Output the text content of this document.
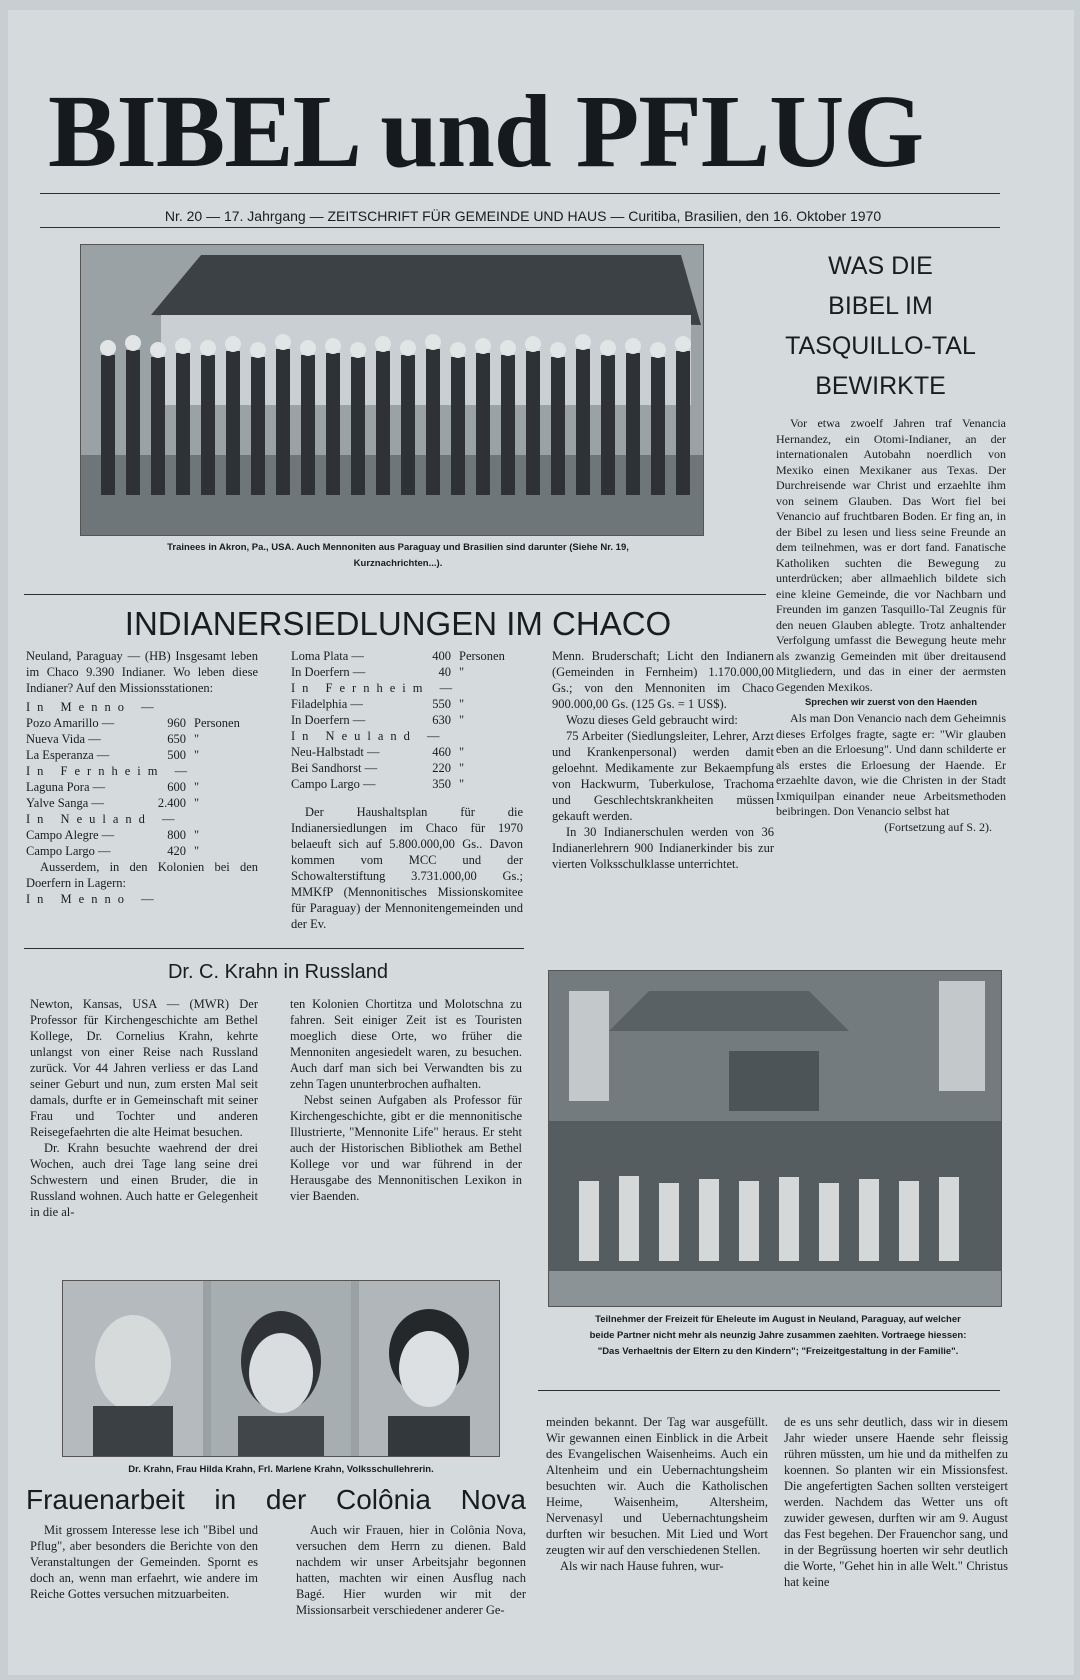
BIBEL und PFLUG
Nr. 20 — 17. Jahrgang — ZEITSCHRIFT FÜR GEMEINDE UND HAUS — Curitiba, Brasilien, den 16. Oktober 1970
Trainees in Akron, Pa., USA. Auch Mennoniten aus Paraguay und Brasilien sind darunter (Siehe Nr. 19, Kurznachrichten...).
WAS DIE
BIBEL IM
TASQUILLO-TAL
BEWIRKTE

Vor etwa zwoelf Jahren traf Venancia Hernandez, ein Otomi-Indianer, an der internationalen Autobahn noerdlich von Mexiko einen Mexikaner aus Texas. Der Durchreisende war Christ und erzaehlte ihm von seinem Glauben. Das Wort fiel bei Venancio auf fruchtbaren Boden. Er fing an, in der Bibel zu lesen und liess seine Freunde an dem teilnehmen, was er dort fand. Fanatische Katholiken suchten die Bewegung zu unterdrücken; aber allmaehlich bildete sich eine kleine Gemeinde, die vor Nachbarn und Freunden im ganzen Tasquillo-Tal Zeugnis für den neuen Glauben ablegte. Trotz anhaltender Verfolgung umfasst die Bewegung heute mehr als zwanzig Gemeinden mit über dreitausend Mitgliedern, und das in einer der aermsten Gegenden Mexikos.

Sprechen wir zuerst von den Haenden

Als man Don Venancio nach dem Geheimnis dieses Erfolges fragte, sagte er: "Wir glauben eben an die Erloesung". Und dann schilderte er als erstes die Erloesung der Haende. Er erzaehlte davon, wie die Christen in der Stadt Ixmiquilpan einander neue Arbeitsmethoden beibringen. Don Venancio selbst hat

(Fortsetzung auf S. 2).
INDIANERSIEDLUNGEN IM CHACO

Neuland, Paraguay — (HB) Insgesamt leben im Chaco 9.390 Indianer. Wo leben diese Indianer? Auf den Missionsstationen:

In Menno —		
Pozo Amarillo —	960	Personen
Nueva Vida —	650	"
La Esperanza —	500	"
In Fernheim —		
Laguna Pora —	600	"
Yalve Sanga —	2.400	"
In Neuland —		
Campo Alegre —	800	"
Campo Largo —	420	"

Ausserdem, in den Kolonien bei den Doerfern in Lagern:

In Menno —
Loma Plata —	400	Personen
In Doerfern —	40	"
In Fernheim —		
Filadelphia —	550	"
In Doerfern —	630	"
In Neuland —		
Neu-Halbstadt —	460	"
Bei Sandhorst —	220	"
Campo Largo —	350	"

Der Haushaltsplan für die Indianersiedlungen im Chaco für 1970 belaeuft sich auf 5.800.000,00 Gs.. Davon kommen vom MCC und der Schowalterstiftung 3.731.000,00 Gs.; MMKfP (Mennonitisches Missionskomitee für Paraguay) der Mennonitengemeinden und der Ev.

Menn. Bruderschaft; Licht den Indianern (Gemeinden in Fernheim) 1.170.000,00 Gs.; von den Mennoniten im Chaco 900.000,00 Gs. (125 Gs. = 1 US$).

Wozu dieses Geld gebraucht wird:

75 Arbeiter (Siedlungsleiter, Lehrer, Arzt und Krankenpersonal) werden damit geloehnt. Medikamente zur Bekaempfung von Hackwurm, Tuberkulose, Trachoma und Geschlechtskrankheiten müssen gekauft werden.

In 30 Indianerschulen werden von 36 Indianerlehrern 900 Indianerkinder bis zur vierten Volksschulklasse unterrichtet.

Dr. C. Krahn in Russland

Newton, Kansas, USA — (MWR) Der Professor für Kirchengeschichte am Bethel Kollege, Dr. Cornelius Krahn, kehrte unlangst von einer Reise nach Russland zurück. Vor 44 Jahren verliess er das Land seiner Geburt und nun, zum ersten Mal seit damals, durfte er in Gemeinschaft mit seiner Frau und Tochter und anderen Reisegefaehrten die alte Heimat besuchen.

Dr. Krahn besuchte waehrend der drei Wochen, auch drei Tage lang seine drei Schwestern und einen Bruder, die in Russland wohnen. Auch hatte er Gelegenheit in die al-

ten Kolonien Chortitza und Molotschna zu fahren. Seit einiger Zeit ist es Touristen moeglich diese Orte, wo früher die Mennoniten angesiedelt waren, zu besuchen. Auch darf man sich bei Verwandten bis zu zehn Tagen ununterbrochen aufhalten.

Nebst seinen Aufgaben als Professor für Kirchengeschichte, gibt er die mennonitische Illustrierte, "Mennonite Life" heraus. Er steht auch der Historischen Bibliothek am Bethel Kollege vor und war führend in der Herausgabe des Mennonitischen Lexikon in vier Baenden.

Dr. Krahn, Frau Hilda Krahn, Frl. Marlene Krahn, Volksschullehrerin.
Teilnehmer der Freizeit für Eheleute im August in Neuland, Paraguay, auf welcher beide Partner nicht mehr als neunzig Jahre zusammen zaehlten. Vortraege hiessen: "Das Verhaeltnis der Eltern zu den Kindern"; "Freizeitgestaltung in der Familie".
Frauenarbeit in der Colônia Nova

Mit grossem Interesse lese ich "Bibel und Pflug", aber besonders die Berichte von den Veranstaltungen der Gemeinden. Spornt es doch an, wenn man erfaehrt, wie andere im Reiche Gottes versuchen mitzuarbeiten.

Auch wir Frauen, hier in Colônia Nova, versuchen dem Herrn zu dienen. Bald nachdem wir unser Arbeitsjahr begonnen hatten, machten wir einen Ausflug nach Bagé. Hier wurden wir mit der Missionsarbeit verschiedener anderer Ge-

meinden bekannt. Der Tag war ausgefüllt. Wir gewannen einen Einblick in die Arbeit des Evangelischen Waisenheims. Auch ein Altenheim und ein Uebernachtungsheim besuchten wir. Auch die Katholischen Heime, Waisenheim, Altersheim, Nervenasyl und Uebernachtungsheim durften wir besuchen. Mit Lied und Wort zeugten wir auf den verschiedenen Stellen.

Als wir nach Hause fuhren, wur-

de es uns sehr deutlich, dass wir in diesem Jahr wieder unsere Haende sehr fleissig rühren müssten, um hie und da mithelfen zu koennen. So planten wir ein Missionsfest. Die angefertigten Sachen sollten versteigert werden. Nachdem das Wetter uns oft zuwider gewesen, durften wir am 9. August das Fest begehen. Der Frauenchor sang, und in der Begrüssung hoerten wir sehr deutlich die Worte, "Gehet hin in alle Welt." Christus hat keine
